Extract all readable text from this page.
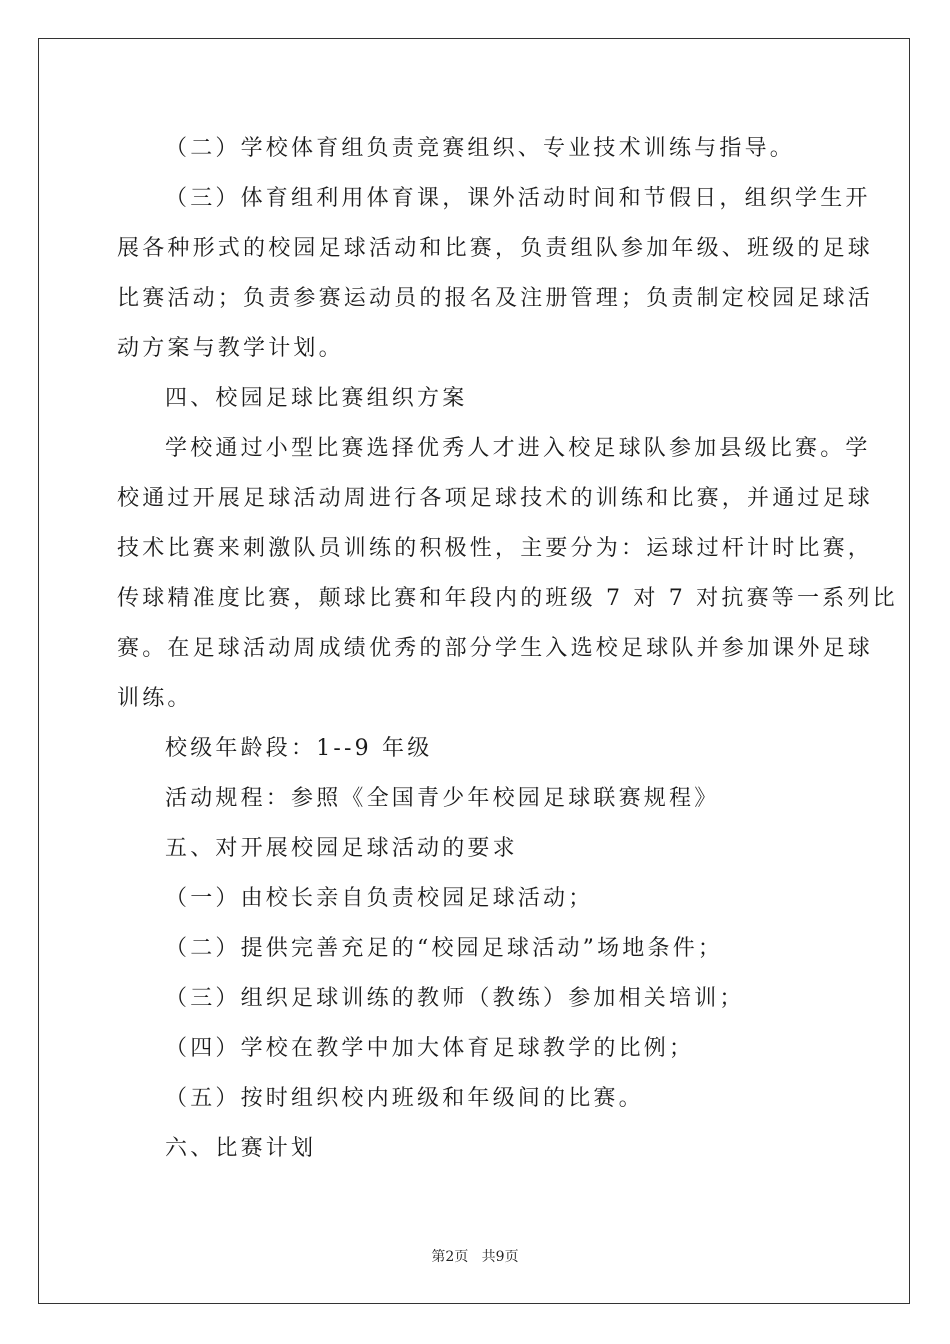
（二）学校体育组负责竞赛组织、专业技术训练与指导。

（三）体育组利用体育课，课外活动时间和节假日，组织学生开

展各种形式的校园足球活动和比赛，负责组队参加年级、班级的足球

比赛活动；负责参赛运动员的报名及注册管理；负责制定校园足球活

动方案与教学计划。

四、校园足球比赛组织方案

学校通过小型比赛选择优秀人才进入校足球队参加县级比赛。学

校通过开展足球活动周进行各项足球技术的训练和比赛，并通过足球

技术比赛来刺激队员训练的积极性，主要分为：运球过杆计时比赛，

传球精准度比赛，颠球比赛和年段内的班级 7 对 7 对抗赛等一系列比

赛。在足球活动周成绩优秀的部分学生入选校足球队并参加课外足球

训练。

校级年龄段：1--9 年级

活动规程：参照《全国青少年校园足球联赛规程》

五、对开展校园足球活动的要求

（一）由校长亲自负责校园足球活动；

（二）提供完善充足的“校园足球活动”场地条件；

（三）组织足球训练的教师（教练）参加相关培训；

（四）学校在教学中加大体育足球教学的比例；

（五）按时组织校内班级和年级间的比赛。

六、比赛计划

第2页   共9页
